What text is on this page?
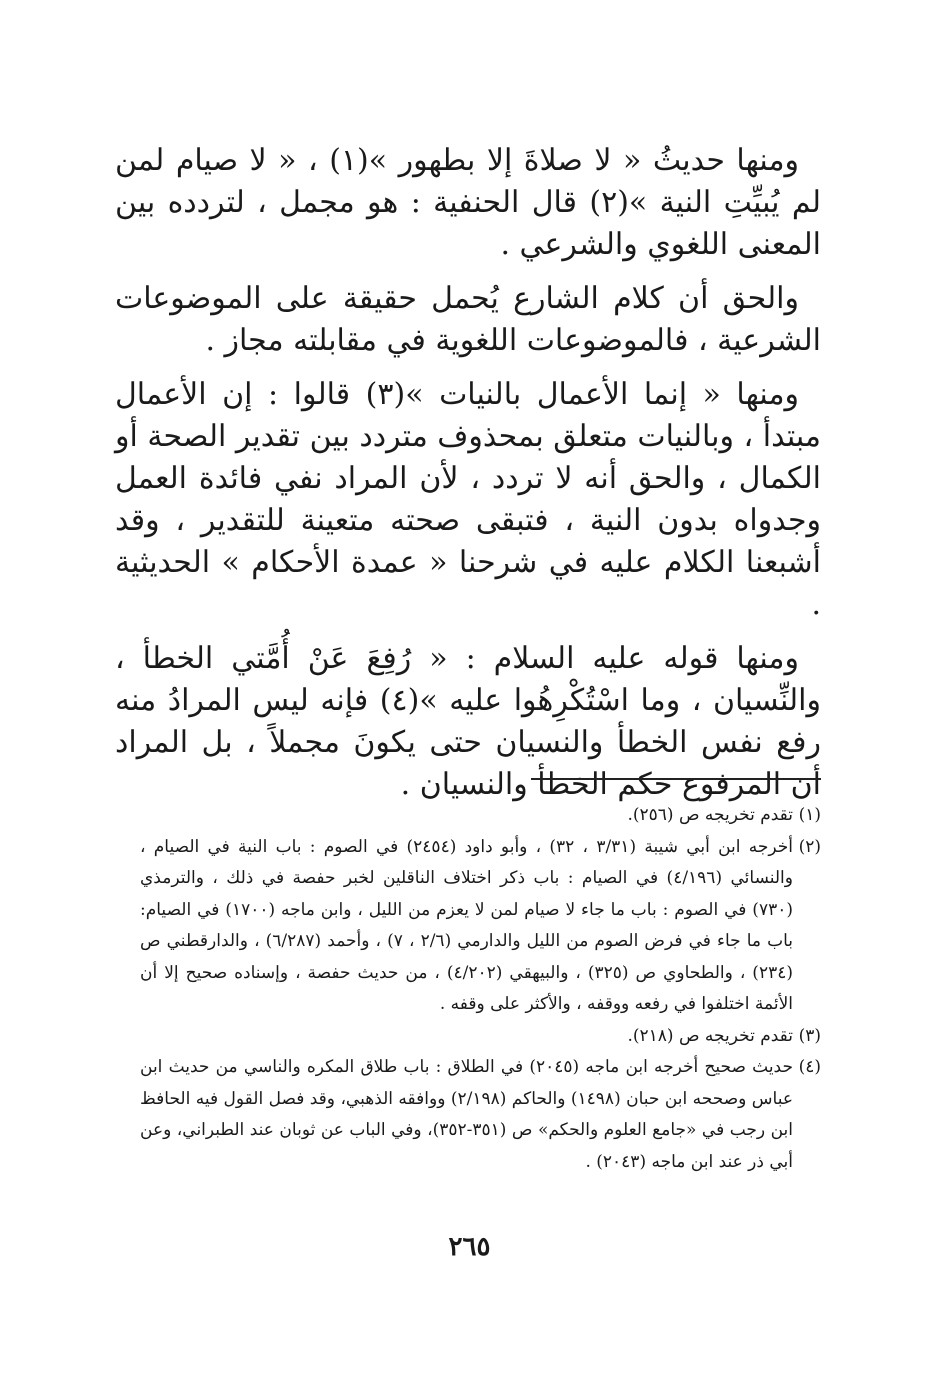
ومنها حديثُ « لا صلاةَ إلا بطهور »(١) ، « لا صيام لمن لم يُبيِّتِ النية »(٢) قال الحنفية : هو مجمل ، لتردده بين المعنى اللغوي والشرعي .

والحق أن كلام الشارع يُحمل حقيقة على الموضوعات الشرعية ، فالموضوعات اللغوية في مقابلته مجاز .

ومنها « إنما الأعمال بالنيات »(٣) قالوا : إن الأعمال مبتدأ ، وبالنيات متعلق بمحذوف متردد بين تقدير الصحة أو الكمال ، والحق أنه لا تردد ، لأن المراد نفي فائدة العمل وجدواه بدون النية ، فتبقى صحته متعينة للتقدير ، وقد أشبعنا الكلام عليه في شرحنا « عمدة الأحكام » الحديثية .

ومنها قوله عليه السلام : « رُفِعَ عَنْ أُمَّتي الخطأ ، والنِّسيان ، وما اسْتُكْرِهُوا عليه »(٤) فإنه ليس المرادُ منه رفع نفس الخطأ والنسيان حتى يكونَ مجملاً ، بل المراد أن المرفوع حكم الخطأ والنسيان .

(١)
تقدم تخريجه ص (٢٥٦).
(٢)
أخرجه ابن أبي شيبة (٣/٣١ ، ٣٢) ، وأبو داود (٢٤٥٤) في الصوم : باب النية في الصيام ، والنسائي (٤/١٩٦) في الصيام : باب ذكر اختلاف الناقلين لخبر حفصة في ذلك ، والترمذي (٧٣٠) في الصوم : باب ما جاء لا صيام لمن لا يعزم من الليل ، وابن ماجه (١٧٠٠) في الصيام: باب ما جاء في فرض الصوم من الليل والدارمي (٢/٦ ، ٧) ، وأحمد (٦/٢٨٧) ، والدارقطني ص (٢٣٤) ، والطحاوي ص (٣٢٥) ، والبيهقي (٤/٢٠٢) ، من حديث حفصة ، وإسناده صحيح إلا أن الأئمة اختلفوا في رفعه ووقفه ، والأكثر على وقفه .
(٣)
تقدم تخريجه ص (٢١٨).
(٤)
حديث صحيح أخرجه ابن ماجه (٢٠٤٥) في الطلاق : باب طلاق المكره والناسي من حديث ابن عباس وصححه ابن حبان (١٤٩٨) والحاكم (٢/١٩٨) ووافقه الذهبي، وقد فصل القول فيه الحافظ ابن رجب في «جامع العلوم والحكم» ص (٣٥١-٣٥٢)، وفي الباب عن ثوبان عند الطبراني، وعن أبي ذر عند ابن ماجه (٢٠٤٣) .
٢٦٥
